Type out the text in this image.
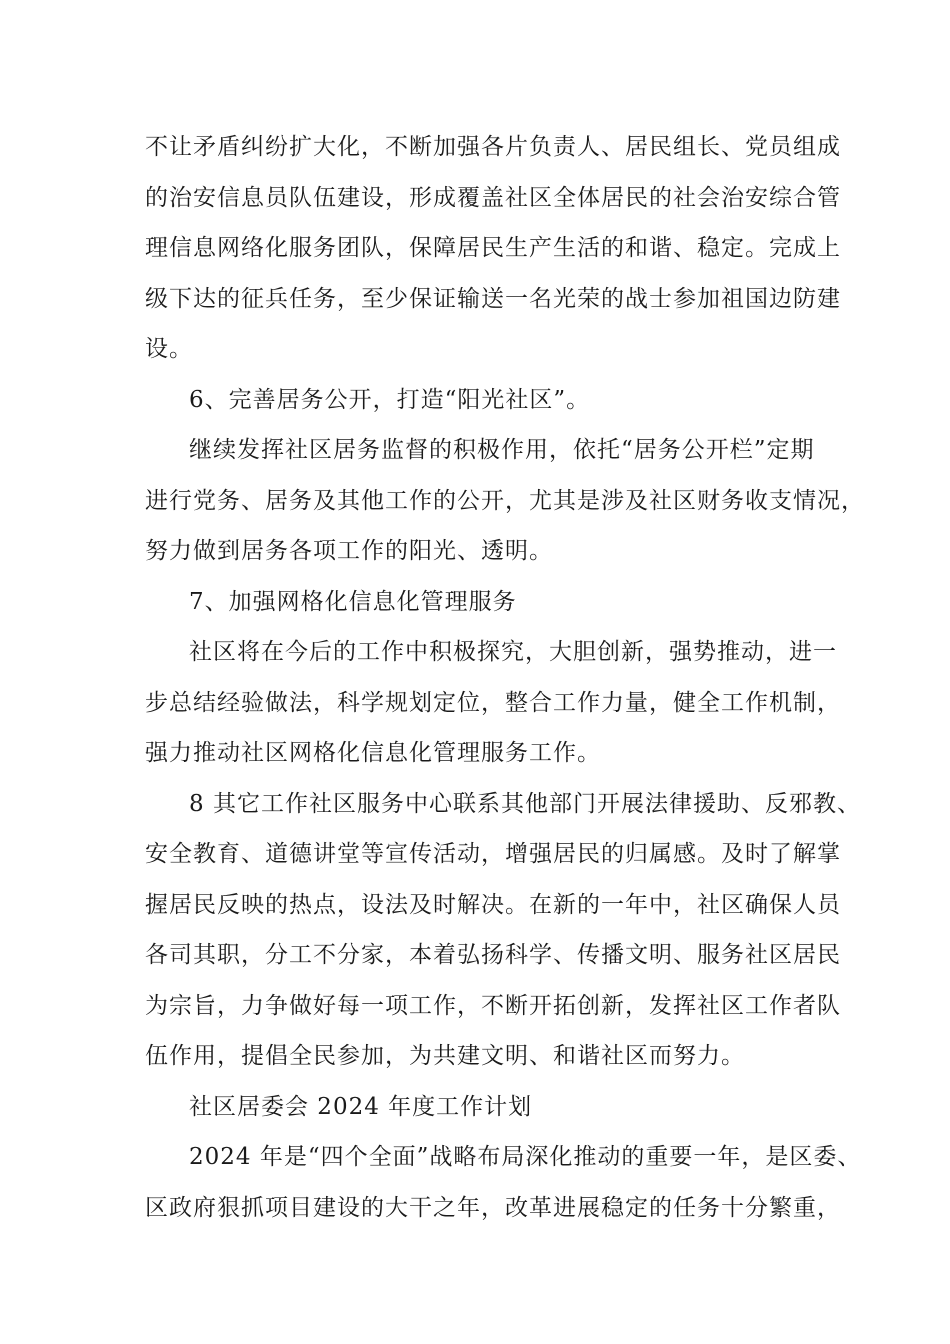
不让矛盾纠纷扩大化，不断加强各片负责人、居民组长、党员组成
的治安信息员队伍建设，形成覆盖社区全体居民的社会治安综合管
理信息网络化服务团队，保障居民生产生活的和谐、稳定。完成上
级下达的征兵任务，至少保证输送一名光荣的战士参加祖国边防建
设。
6、完善居务公开，打造“阳光社区”。
继续发挥社区居务监督的积极作用，依托“居务公开栏”定期
进行党务、居务及其他工作的公开，尤其是涉及社区财务收支情况，
努力做到居务各项工作的阳光、透明。
7、加强网格化信息化管理服务
社区将在今后的工作中积极探究，大胆创新，强势推动，进一
步总结经验做法，科学规划定位，整合工作力量，健全工作机制，
强力推动社区网格化信息化管理服务工作。
8 其它工作社区服务中心联系其他部门开展法律援助、反邪教、
安全教育、道德讲堂等宣传活动，增强居民的归属感。及时了解掌
握居民反映的热点，设法及时解决。在新的一年中，社区确保人员
各司其职，分工不分家，本着弘扬科学、传播文明、服务社区居民
为宗旨，力争做好每一项工作，不断开拓创新，发挥社区工作者队
伍作用，提倡全民参加，为共建文明、和谐社区而努力。
社区居委会 2024 年度工作计划
2024 年是“四个全面”战略布局深化推动的重要一年，是区委、
区政府狠抓项目建设的大干之年，改革进展稳定的任务十分繁重，
